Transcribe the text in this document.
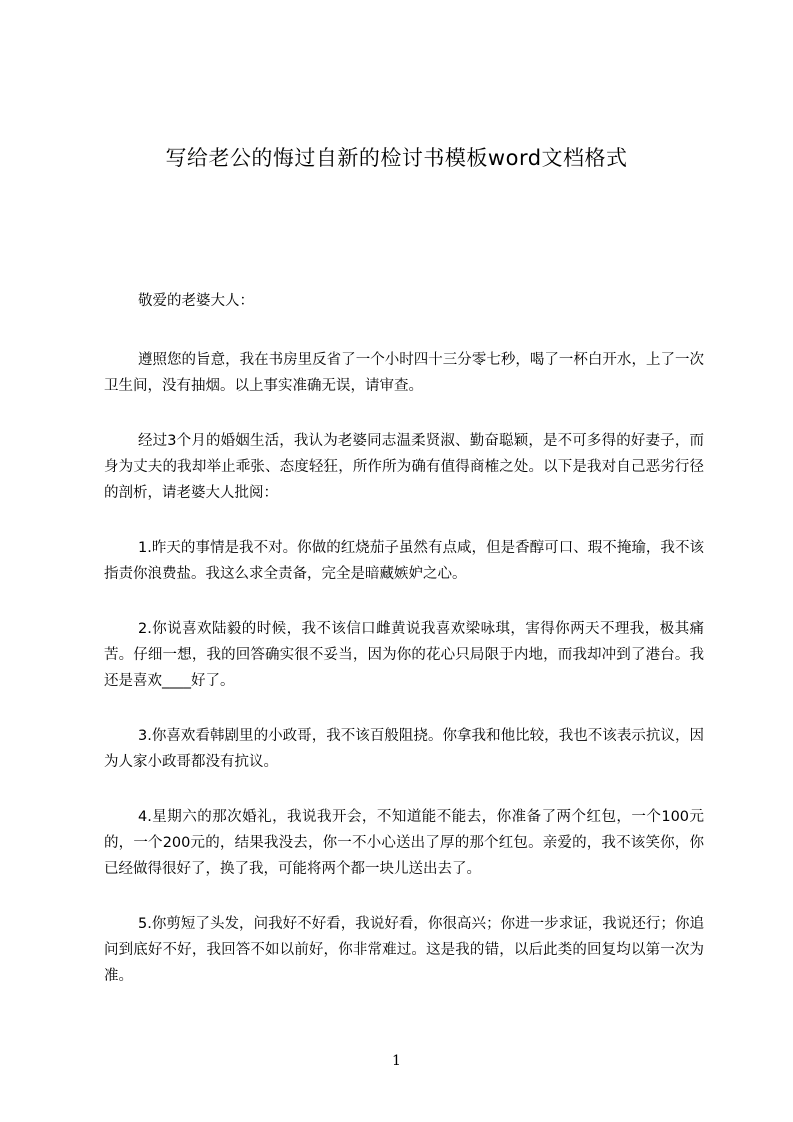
写给老公的悔过自新的检讨书模板word文档格式

敬爱的老婆大人：

遵照您的旨意，我在书房里反省了一个小时四十三分零七秒，喝了一杯白开水，上了一次卫生间，没有抽烟。以上事实准确无误，请审查。

经过3个月的婚姻生活，我认为老婆同志温柔贤淑、勤奋聪颖，是不可多得的好妻子，而身为丈夫的我却举止乖张、态度轻狂，所作所为确有值得商榷之处。以下是我对自己恶劣行径的剖析，请老婆大人批阅：

1.昨天的事情是我不对。你做的红烧茄子虽然有点咸，但是香醇可口、瑕不掩瑜，我不该指责你浪费盐。我这么求全责备，完全是暗藏嫉妒之心。

2.你说喜欢陆毅的时候，我不该信口雌黄说我喜欢梁咏琪，害得你两天不理我，极其痛苦。仔细一想，我的回答确实很不妥当，因为你的花心只局限于内地，而我却冲到了港台。我还是喜欢____好了。

3.你喜欢看韩剧里的小政哥，我不该百般阻挠。你拿我和他比较，我也不该表示抗议，因为人家小政哥都没有抗议。

4.星期六的那次婚礼，我说我开会，不知道能不能去，你准备了两个红包，一个100元的，一个200元的，结果我没去，你一不小心送出了厚的那个红包。亲爱的，我不该笑你，你已经做得很好了，换了我，可能将两个都一块儿送出去了。

5.你剪短了头发，问我好不好看，我说好看，你很高兴；你进一步求证，我说还行；你追问到底好不好，我回答不如以前好，你非常难过。这是我的错，以后此类的回复均以第一次为准。

1
